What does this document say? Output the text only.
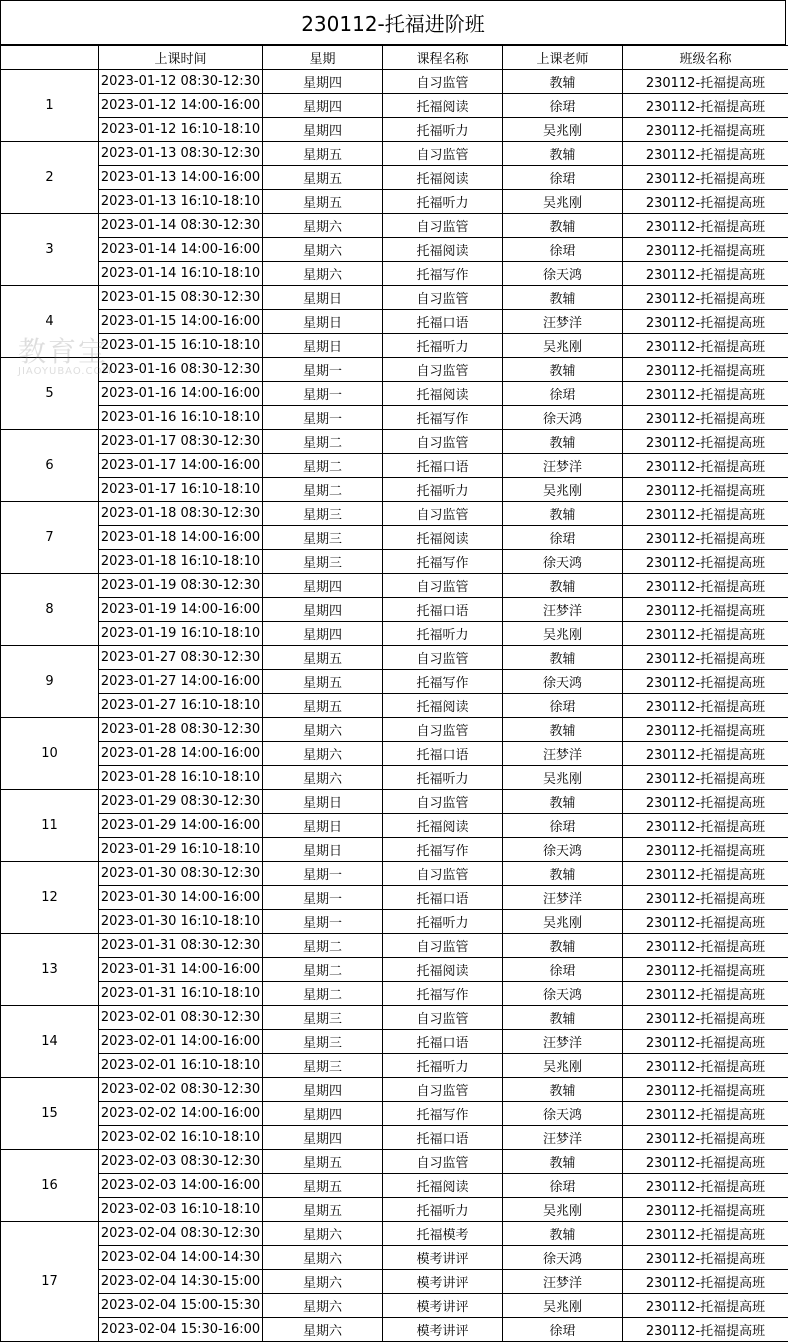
230112-托福进阶班
	上课时间	星期	课程名称	上课老师	班级名称
1	2023-01-12 08:30-12:30	星期四	自习监管	教辅	230112-托福提高班
	2023-01-12 14:00-16:00	星期四	托福阅读	徐珺	230112-托福提高班
	2023-01-12 16:10-18:10	星期四	托福听力	吴兆刚	230112-托福提高班
2	2023-01-13 08:30-12:30	星期五	自习监管	教辅	230112-托福提高班
	2023-01-13 14:00-16:00	星期五	托福阅读	徐珺	230112-托福提高班
	2023-01-13 16:10-18:10	星期五	托福听力	吴兆刚	230112-托福提高班
3	2023-01-14 08:30-12:30	星期六	自习监管	教辅	230112-托福提高班
	2023-01-14 14:00-16:00	星期六	托福阅读	徐珺	230112-托福提高班
	2023-01-14 16:10-18:10	星期六	托福写作	徐天鸿	230112-托福提高班
4	2023-01-15 08:30-12:30	星期日	自习监管	教辅	230112-托福提高班
	2023-01-15 14:00-16:00	星期日	托福口语	汪梦洋	230112-托福提高班
	2023-01-15 16:10-18:10	星期日	托福听力	吴兆刚	230112-托福提高班
5	2023-01-16 08:30-12:30	星期一	自习监管	教辅	230112-托福提高班
	2023-01-16 14:00-16:00	星期一	托福阅读	徐珺	230112-托福提高班
	2023-01-16 16:10-18:10	星期一	托福写作	徐天鸿	230112-托福提高班
6	2023-01-17 08:30-12:30	星期二	自习监管	教辅	230112-托福提高班
	2023-01-17 14:00-16:00	星期二	托福口语	汪梦洋	230112-托福提高班
	2023-01-17 16:10-18:10	星期二	托福听力	吴兆刚	230112-托福提高班
7	2023-01-18 08:30-12:30	星期三	自习监管	教辅	230112-托福提高班
	2023-01-18 14:00-16:00	星期三	托福阅读	徐珺	230112-托福提高班
	2023-01-18 16:10-18:10	星期三	托福写作	徐天鸿	230112-托福提高班
8	2023-01-19 08:30-12:30	星期四	自习监管	教辅	230112-托福提高班
	2023-01-19 14:00-16:00	星期四	托福口语	汪梦洋	230112-托福提高班
	2023-01-19 16:10-18:10	星期四	托福听力	吴兆刚	230112-托福提高班
9	2023-01-27 08:30-12:30	星期五	自习监管	教辅	230112-托福提高班
	2023-01-27 14:00-16:00	星期五	托福写作	徐天鸿	230112-托福提高班
	2023-01-27 16:10-18:10	星期五	托福阅读	徐珺	230112-托福提高班
10	2023-01-28 08:30-12:30	星期六	自习监管	教辅	230112-托福提高班
	2023-01-28 14:00-16:00	星期六	托福口语	汪梦洋	230112-托福提高班
	2023-01-28 16:10-18:10	星期六	托福听力	吴兆刚	230112-托福提高班
11	2023-01-29 08:30-12:30	星期日	自习监管	教辅	230112-托福提高班
	2023-01-29 14:00-16:00	星期日	托福阅读	徐珺	230112-托福提高班
	2023-01-29 16:10-18:10	星期日	托福写作	徐天鸿	230112-托福提高班
12	2023-01-30 08:30-12:30	星期一	自习监管	教辅	230112-托福提高班
	2023-01-30 14:00-16:00	星期一	托福口语	汪梦洋	230112-托福提高班
	2023-01-30 16:10-18:10	星期一	托福听力	吴兆刚	230112-托福提高班
13	2023-01-31 08:30-12:30	星期二	自习监管	教辅	230112-托福提高班
	2023-01-31 14:00-16:00	星期二	托福阅读	徐珺	230112-托福提高班
	2023-01-31 16:10-18:10	星期二	托福写作	徐天鸿	230112-托福提高班
14	2023-02-01 08:30-12:30	星期三	自习监管	教辅	230112-托福提高班
	2023-02-01 14:00-16:00	星期三	托福口语	汪梦洋	230112-托福提高班
	2023-02-01 16:10-18:10	星期三	托福听力	吴兆刚	230112-托福提高班
15	2023-02-02 08:30-12:30	星期四	自习监管	教辅	230112-托福提高班
	2023-02-02 14:00-16:00	星期四	托福写作	徐天鸿	230112-托福提高班
	2023-02-02 16:10-18:10	星期四	托福口语	汪梦洋	230112-托福提高班
16	2023-02-03 08:30-12:30	星期五	自习监管	教辅	230112-托福提高班
	2023-02-03 14:00-16:00	星期五	托福阅读	徐珺	230112-托福提高班
	2023-02-03 16:10-18:10	星期五	托福听力	吴兆刚	230112-托福提高班
17	2023-02-04 08:30-12:30	星期六	托福模考	教辅	230112-托福提高班
	2023-02-04 14:00-14:30	星期六	模考讲评	徐天鸿	230112-托福提高班
	2023-02-04 14:30-15:00	星期六	模考讲评	汪梦洋	230112-托福提高班
	2023-02-04 15:00-15:30	星期六	模考讲评	吴兆刚	230112-托福提高班
	2023-02-04 15:30-16:00	星期六	模考讲评	徐珺	230112-托福提高班
教育宝
JIAOYUBAO.COM
